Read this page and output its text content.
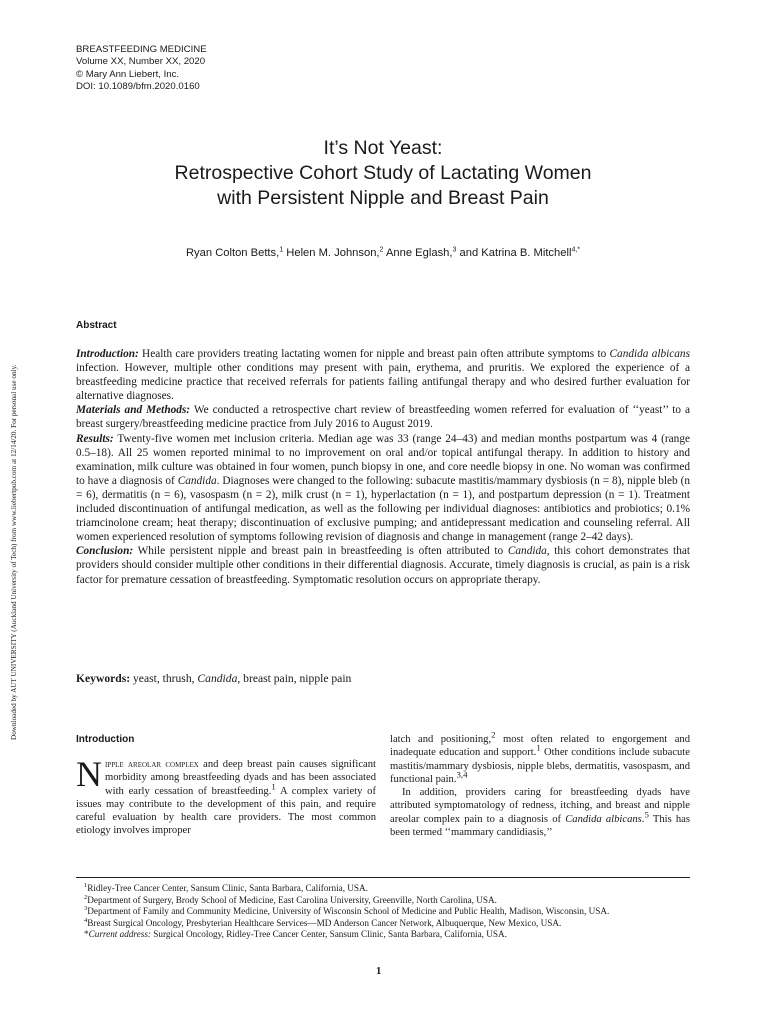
BREASTFEEDING MEDICINE
Volume XX, Number XX, 2020
© Mary Ann Liebert, Inc.
DOI: 10.1089/bfm.2020.0160
Downloaded by AUT UNIVERSITY (Auckland University of Tech) from www.liebertpub.com at 12/14/20. For personal use only.
It’s Not Yeast:
Retrospective Cohort Study of Lactating Women
with Persistent Nipple and Breast Pain
Ryan Colton Betts,$^1$ Helen M. Johnson,$^2$ Anne Eglash,$^3$ and Katrina B. Mitchell$^{4,*}$
Abstract

Introduction: Health care providers treating lactating women for nipple and breast pain often attribute symptoms to Candida albicans infection. However, multiple other conditions may present with pain, erythema, and pruritis. We explored the experience of a breastfeeding medicine practice that received referrals for patients failing antifungal therapy and who desired further evaluation for alternative diagnoses.

Materials and Methods: We conducted a retrospective chart review of breastfeeding women referred for evaluation of ‘‘yeast’’ to a breast surgery/breastfeeding medicine practice from July 2016 to August 2019.

Results: Twenty-five women met inclusion criteria. Median age was 33 (range 24–43) and median months postpartum was 4 (range 0.5–18). All 25 women reported minimal to no improvement on oral and/or topical antifungal therapy. In addition to history and examination, milk culture was obtained in four women, punch biopsy in one, and core needle biopsy in one. No woman was confirmed to have a diagnosis of Candida. Diagnoses were changed to the following: subacute mastitis/mammary dysbiosis (n = 8), nipple bleb (n = 6), dermatitis (n = 6), vasospasm (n = 2), milk crust (n = 1), hyperlactation (n = 1), and postpartum depression (n = 1). Treatment included discontinuation of antifungal medication, as well as the following per individual diagnoses: antibiotics and probiotics; 0.1% triamcinolone cream; heat therapy; discontinuation of exclusive pumping; and antidepressant medication and counseling referral. All women experienced resolution of symptoms following revision of diagnosis and change in management (range 2–42 days).

Conclusion: While persistent nipple and breast pain in breastfeeding is often attributed to Candida, this cohort demonstrates that providers should consider multiple other conditions in their differential diagnosis. Accurate, timely diagnosis is crucial, as pain is a risk factor for premature cessation of breastfeeding. Symptomatic resolution occurs on appropriate therapy.

Keywords: yeast, thrush, Candida, breast pain, nipple pain
Introduction

Nipple areolar complex and deep breast pain causes significant morbidity among breastfeeding dyads and has been associated with early cessation of breastfeeding.$^1$ A complex variety of issues may contribute to the development of this pain, and require careful evaluation by health care providers. The most common etiology involves improper

latch and positioning,$^2$ most often related to engorgement and inadequate education and support.$^1$ Other conditions include subacute mastitis/mammary dysbiosis, nipple blebs, dermatitis, vasospasm, and functional pain.$^{3,4}$

In addition, providers caring for breastfeeding dyads have attributed symptomatology of redness, itching, and breast and nipple areolar complex pain to a diagnosis of Candida albicans.$^5$ This has been termed ‘‘mammary candidiasis,’’

$^1$Ridley-Tree Cancer Center, Sansum Clinic, Santa Barbara, California, USA.
$^2$Department of Surgery, Brody School of Medicine, East Carolina University, Greenville, North Carolina, USA.
$^3$Department of Family and Community Medicine, University of Wisconsin School of Medicine and Public Health, Madison, Wisconsin, USA.
$^4$Breast Surgical Oncology, Presbyterian Healthcare Services—MD Anderson Cancer Network, Albuquerque, New Mexico, USA.
*Current address: Surgical Oncology, Ridley-Tree Cancer Center, Sansum Clinic, Santa Barbara, California, USA.
1
